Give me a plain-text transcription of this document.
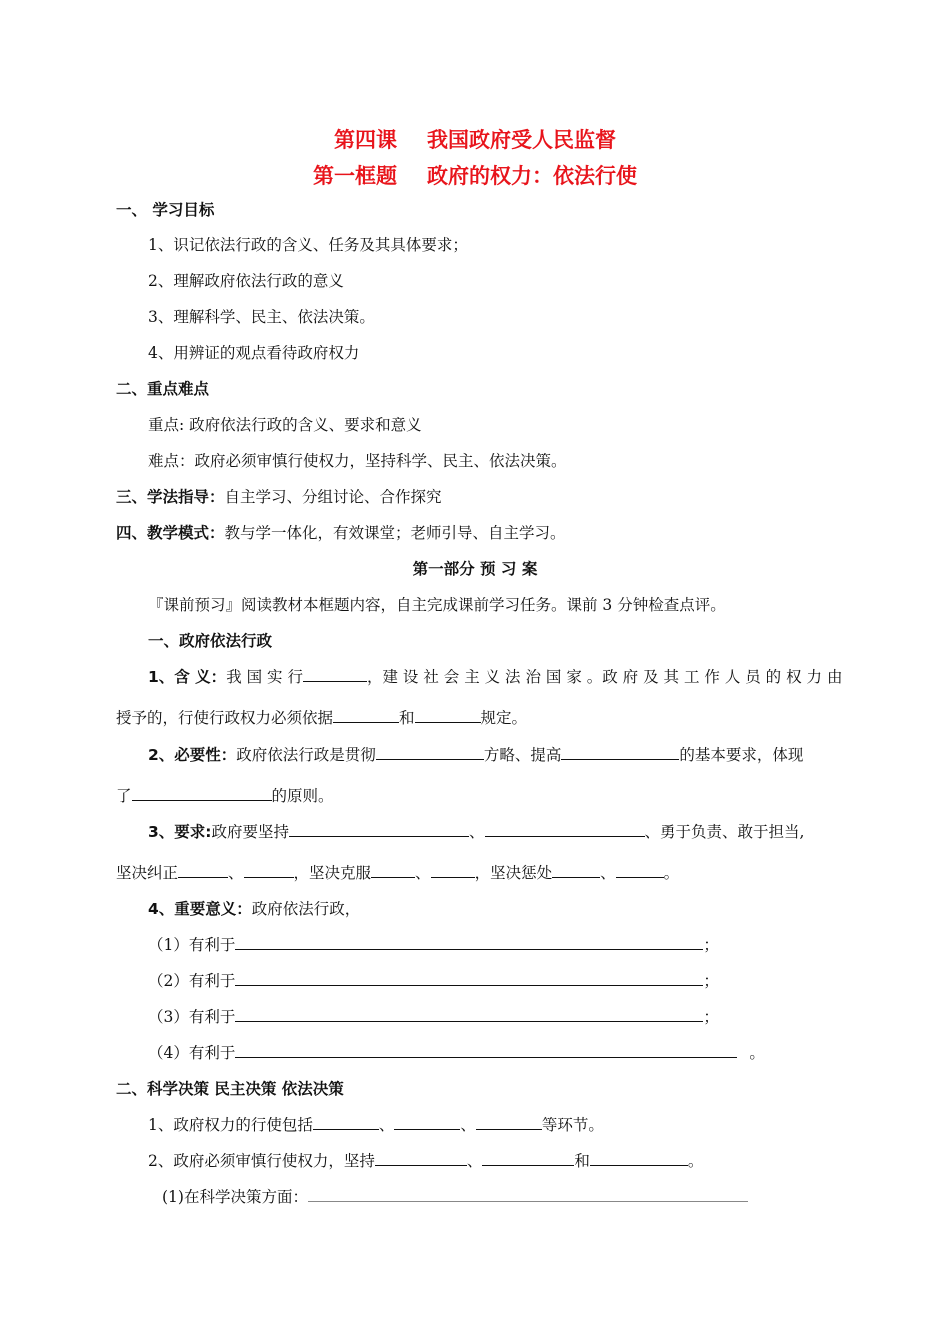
第四课 我国政府受人民监督
第一框题 政府的权力：依法行使
一、 学习目标
1、识记依法行政的含义、任务及其具体要求；
2、理解政府依法行政的意义
3、理解科学、民主、依法决策。
4、用辨证的观点看待政府权力
二、重点难点
重点: 政府依法行政的含义、要求和意义
难点：政府必须审慎行使权力，坚持科学、民主、依法决策。
三、学法指导：自主学习、分组讨论、合作探究
四、教学模式：教与学一体化，有效课堂；老师引导、自主学习。
第一部分 预 习 案
『课前预习』阅读教材本框题内容，自主完成课前学习任务。课前 3 分钟检查点评。
一、政府依法行政
1、含 义：我 国 实 行	，建 设 社 会 主 义 法 治 国 家 。政 府 及 其 工 作 人 员 的 权 力 由
授予的，行使行政权力必须依据	和	规定。
2、必要性：政府依法行政是贯彻	方略、提高	的基本要求，体现
了	的原则。
3、要求:政府要坚持	、	、勇于负责、敢于担当,
坚决纠正	、	，坚决克服	、	，坚决惩处	、	。
4、重要意义：政府依法行政，
（1）有利于	；
（2）有利于	；
（3）有利于	；
（4）有利于	。
二、科学决策 民主决策 依法决策
1、政府权力的行使包括	、	、	等环节。
2、政府必须审慎行使权力，坚持	、	和	。
(1)在科学决策方面：
